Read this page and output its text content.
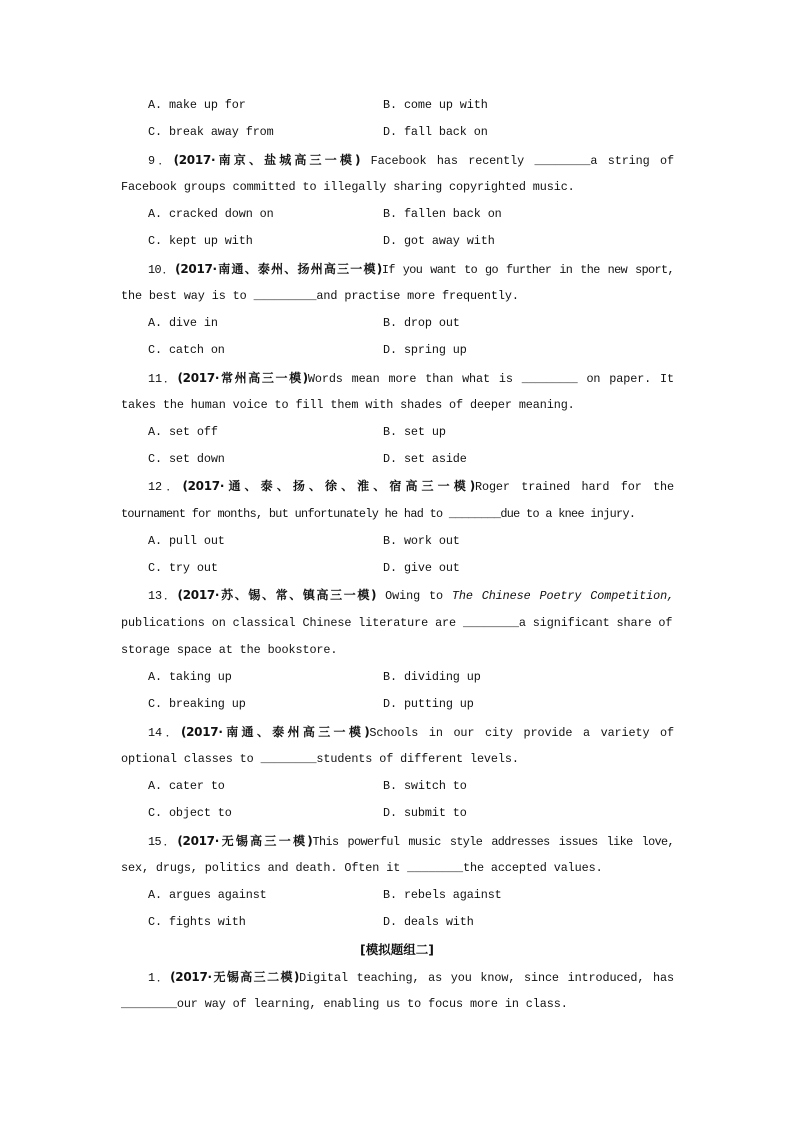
A. make up for	B. come up with
C. break away from	D. fall back on
9．(2017·南京、盐城高三一模) Facebook has recently ________a string of
Facebook groups committed to illegally sharing copyrighted music.
A. cracked down on	B. fallen back on
C. kept up with	D. got away with
10．(2017·南通、泰州、扬州高三一模)If you want to go further in the new sport,
the best way is to _________and practise more frequently.
A. dive in	B. drop out
C. catch on	D. spring up
11．(2017·常州高三一模)Words mean more than what is ________ on paper. It
takes the human voice to fill them with shades of deeper meaning.
A. set off	B. set up
C. set down	D. set aside
12．(2017·通、泰、扬、徐、淮、宿高三一模)Roger trained hard for the
tournament for months, but unfortunately he had to ________due to a knee injury.
A. pull out	B. work out
C. try out	D. give out
13．(2017·苏、锡、常、镇高三一模) Owing to The Chinese Poetry Competition,
publications on classical Chinese literature are ________a significant share of
storage space at the bookstore.
A. taking up	B. dividing up
C. breaking up	D. putting up
14．(2017·南通、泰州高三一模)Schools in our city provide a variety of
optional classes to ________students of different levels.
A. cater to	B. switch to
C. object to	D. submit to
15．(2017·无锡高三一模)This powerful music style addresses issues like love,
sex, drugs, politics and death. Often it ________the accepted values.
A. argues against	B. rebels against
C. fights with	D. deals with
[模拟题组二]
1．(2017·无锡高三二模)Digital teaching, as you know, since introduced, has
________our way of learning, enabling us to focus more in class.
